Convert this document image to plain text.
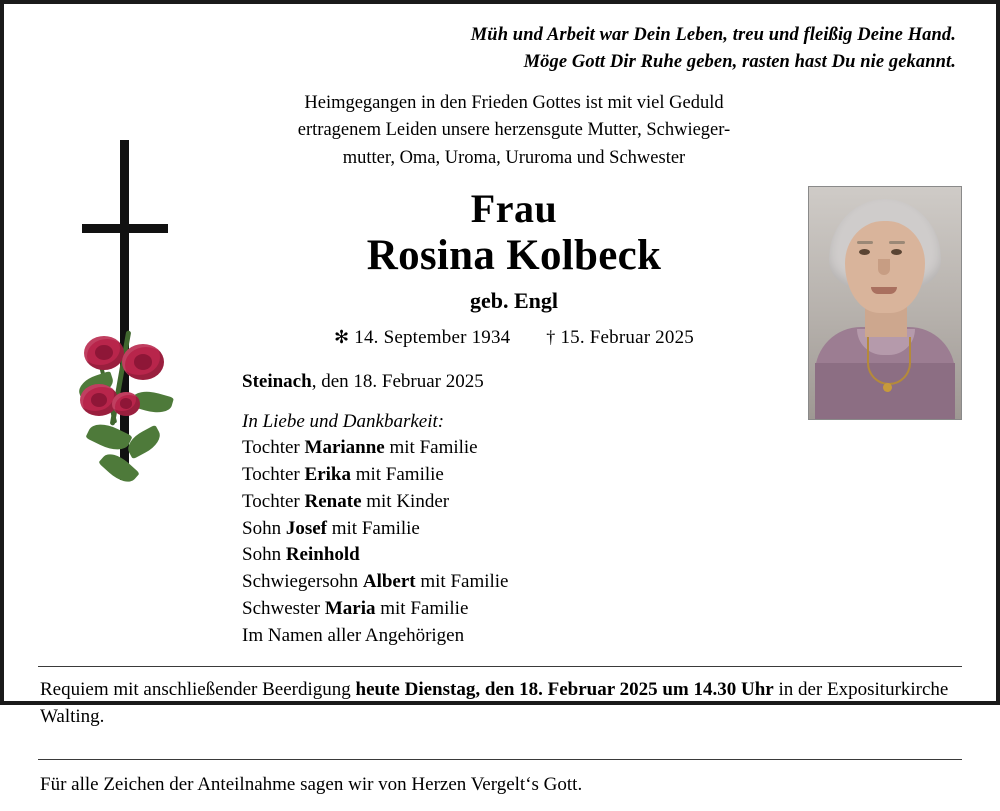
Müh und Arbeit war Dein Leben, treu und fleißig Deine Hand.
Möge Gott Dir Ruhe geben, rasten hast Du nie gekannt.
Heimgegangen in den Frieden Gottes ist mit viel Geduld
ertragenem Leiden unsere herzensgute Mutter, Schwieger-
mutter, Oma, Uroma, Ururoma und Schwester
Frau
Rosina Kolbeck
geb. Engl
✻ 14. September 1934 † 15. Februar 2025
Steinach, den 18. Februar 2025
In Liebe und Dankbarkeit:
Tochter Marianne mit Familie
Tochter Erika mit Familie
Tochter Renate mit Kinder
Sohn Josef mit Familie
Sohn Reinhold
Schwiegersohn Albert mit Familie
Schwester Maria mit Familie
Im Namen aller Angehörigen
Requiem mit anschließender Beerdigung heute Dienstag, den 18. Februar 2025 um 14.30 Uhr in der Expositurkirche Walting.
Für alle Zeichen der Anteilnahme sagen wir von Herzen Vergelt‘s Gott.
